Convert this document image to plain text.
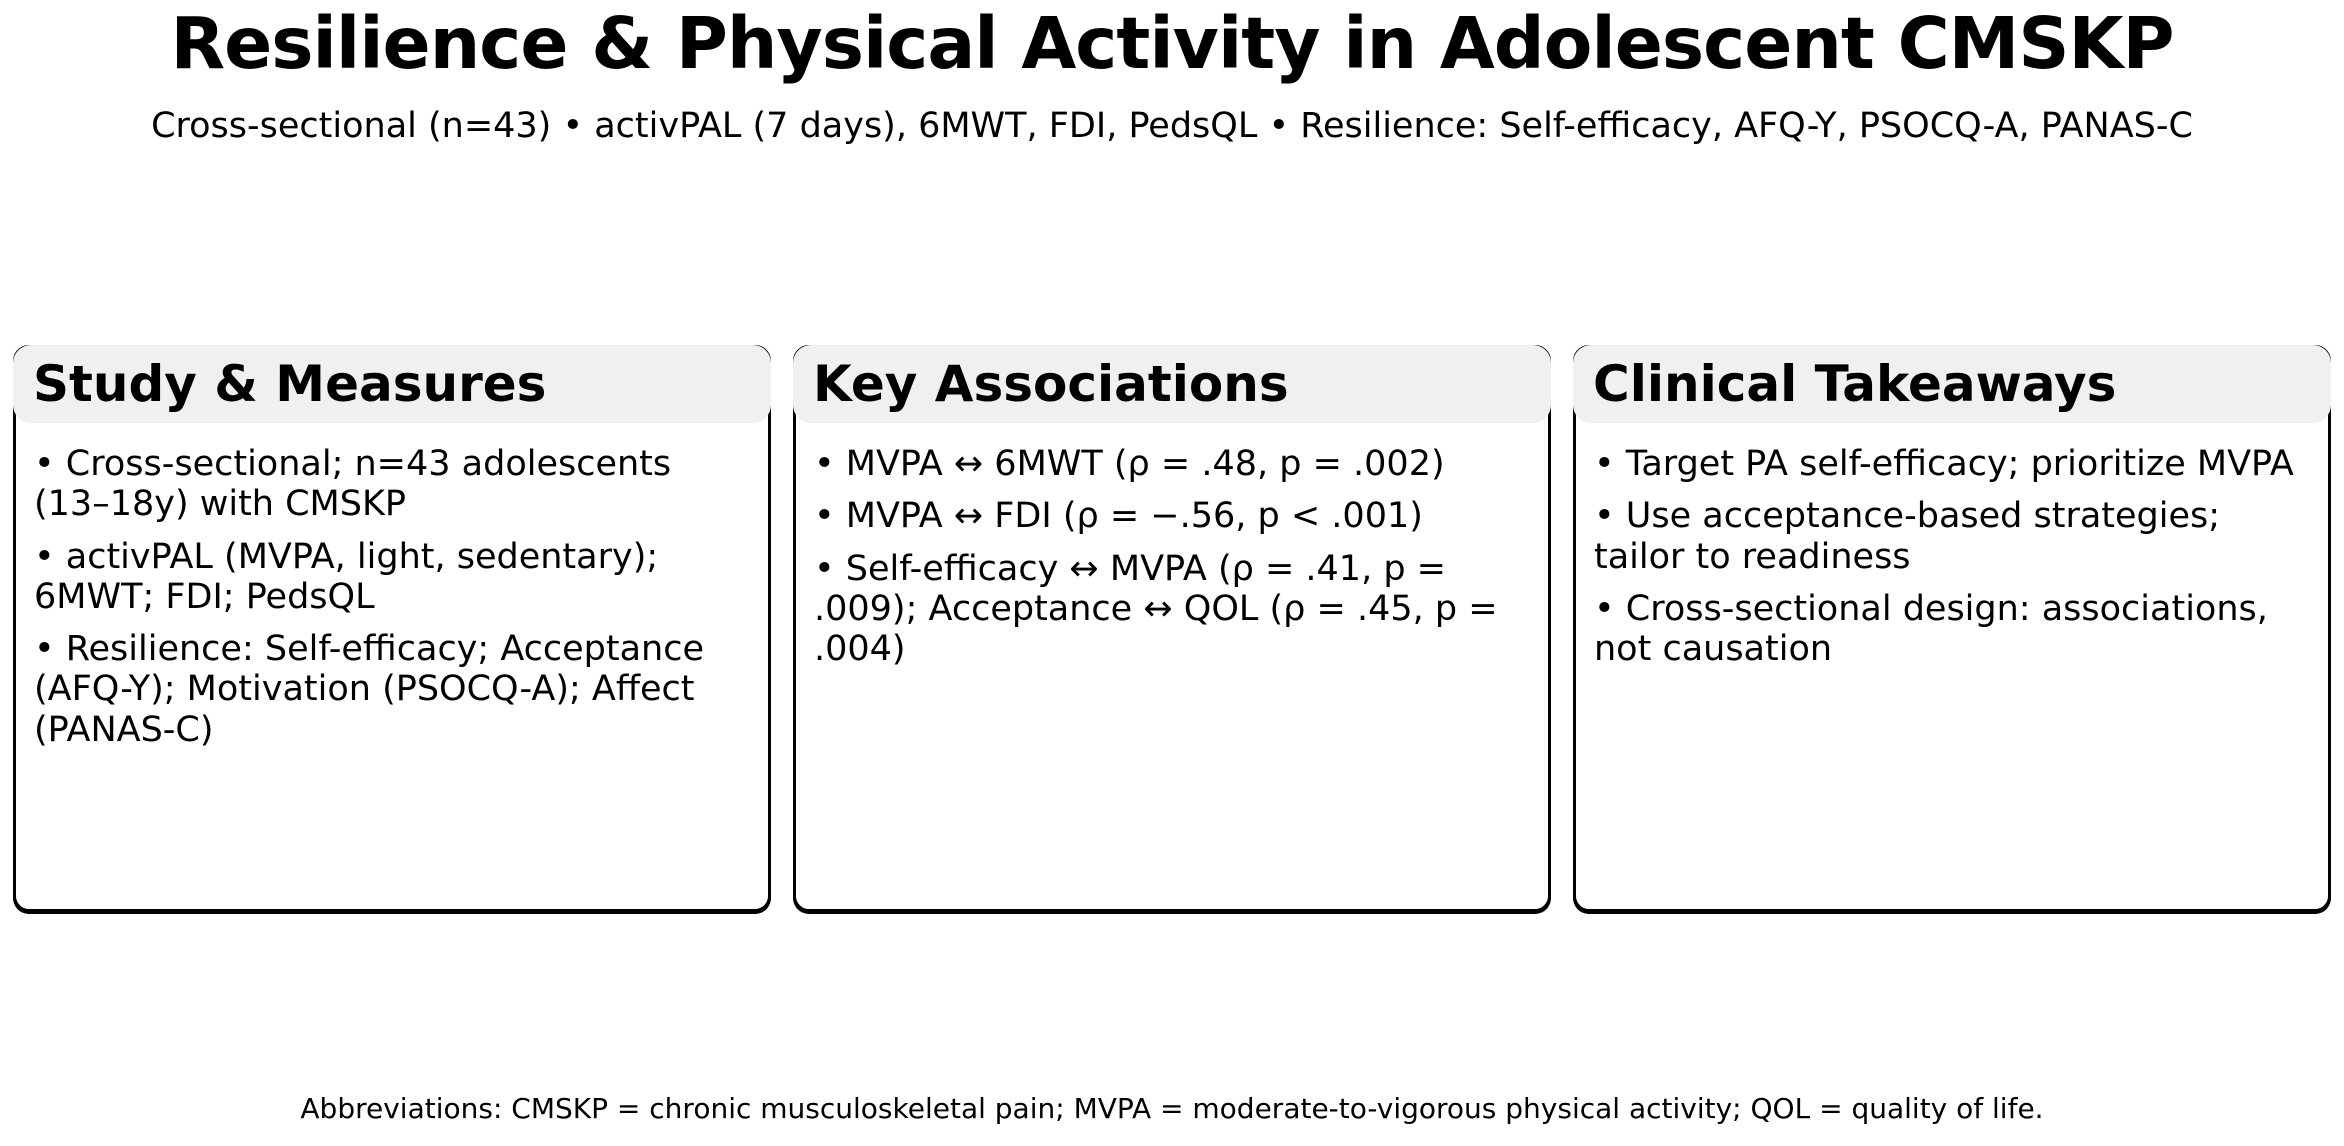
Resilience & Physical Activity in Adolescent CMSKP
Cross-sectional (n=43) • activPAL (7 days), 6MWT, FDI, PedsQL • Resilience: Self-efficacy, AFQ-Y, PSOCQ-A, PANAS-C
Study & Measures
• Cross-sectional; n=43 adolescents (13–18y) with CMSKP
• activPAL (MVPA, light, sedentary); 6MWT; FDI; PedsQL
• Resilience: Self-efficacy; Acceptance (AFQ-Y); Motivation (PSOCQ-A); Affect (PANAS-C)
Key Associations
• MVPA ↔ 6MWT (ρ = .48, p = .002)
• MVPA ↔ FDI (ρ = −.56, p < .001)
• Self-efficacy ↔ MVPA (ρ = .41, p = .009); Acceptance ↔ QOL (ρ = .45, p = .004)
Clinical Takeaways
• Target PA self-efficacy; prioritize MVPA
• Use acceptance-based strategies; tailor to readiness
• Cross-sectional design: associations, not causation
Abbreviations: CMSKP = chronic musculoskeletal pain; MVPA = moderate-to-vigorous physical activity; QOL = quality of life.
